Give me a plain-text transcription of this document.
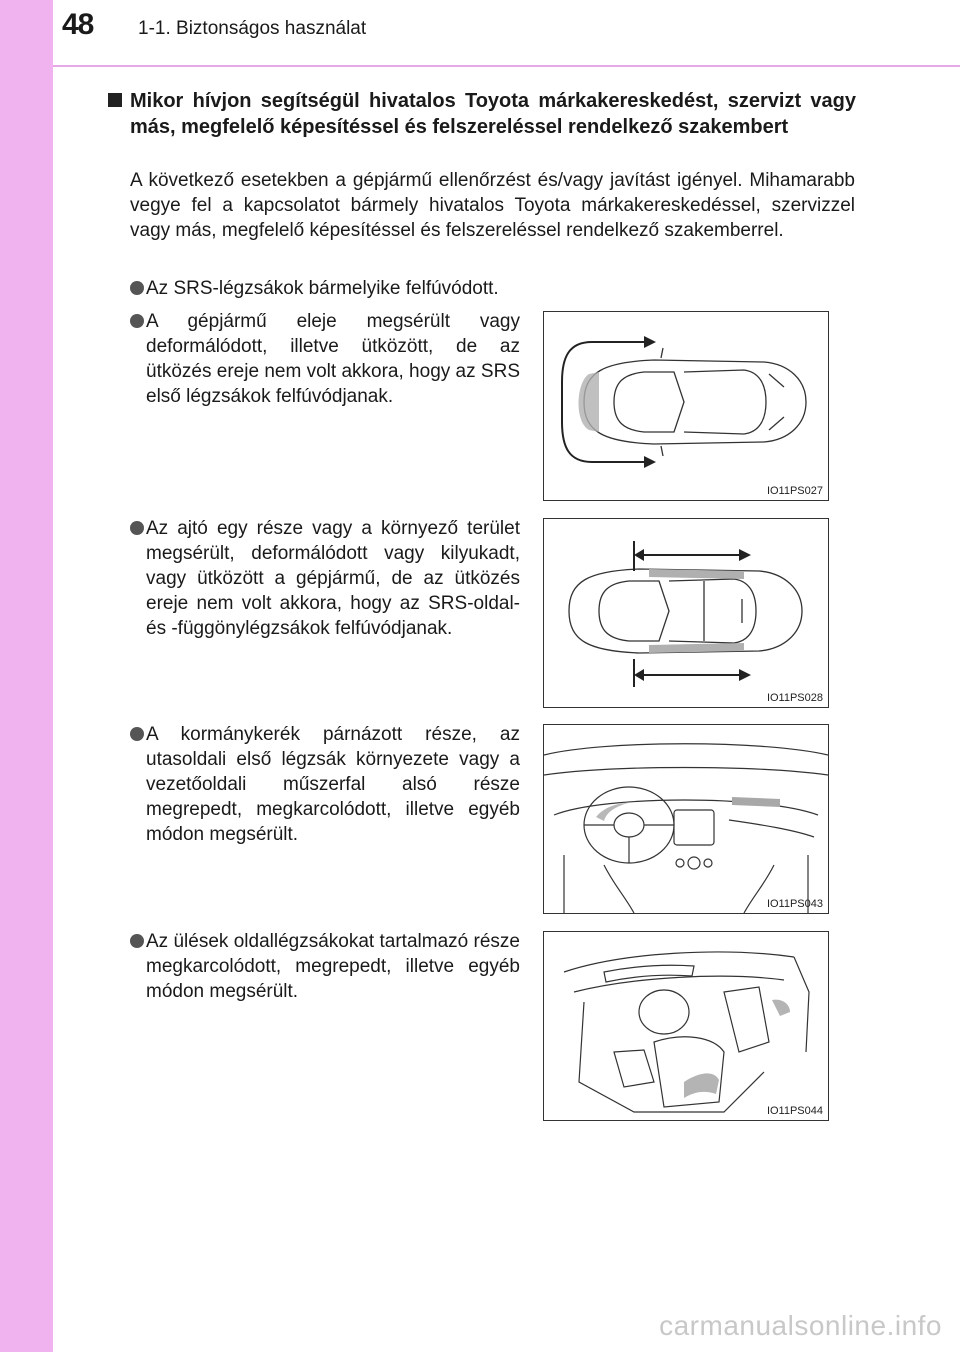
48 1-1. Biztonságos használat
Mikor hívjon segítségül hivatalos Toyota márkakereskedést, szervizt vagy más, megfelelő képesítéssel és felszereléssel rendelkező szakembert
A következő esetekben a gépjármű ellenőrzést és/vagy javítást igényel. Mihamarabb vegye fel a kapcsolatot bármely hivatalos Toyota márkakereskedéssel, szervizzel vagy más, megfelelő képesítéssel és felszereléssel rendelkező szakemberrel.
Az SRS-légzsákok bármelyike felfúvódott.
A gépjármű eleje megsérült vagy deformálódott, illetve ütközött, de az ütközés ereje nem volt akkora, hogy az SRS első légzsákok felfúvódjanak.
IO11PS027
Az ajtó egy része vagy a környező terület megsérült, deformálódott vagy kilyukadt, vagy ütközött a gépjármű, de az ütközés ereje nem volt akkora, hogy az SRS-oldal- és -függönylégzsákok felfúvódjanak.
IO11PS028
A kormánykerék párnázott része, az utasoldali első légzsák környezete vagy a vezetőoldali műszerfal alsó része megrepedt, megkarcolódott, illetve egyéb módon megsérült.
IO11PS043
Az ülések oldallégzsákokat tartalmazó része megkarcolódott, megrepedt, illetve egyéb módon megsérült.
IO11PS044
carmanualsonline.info
